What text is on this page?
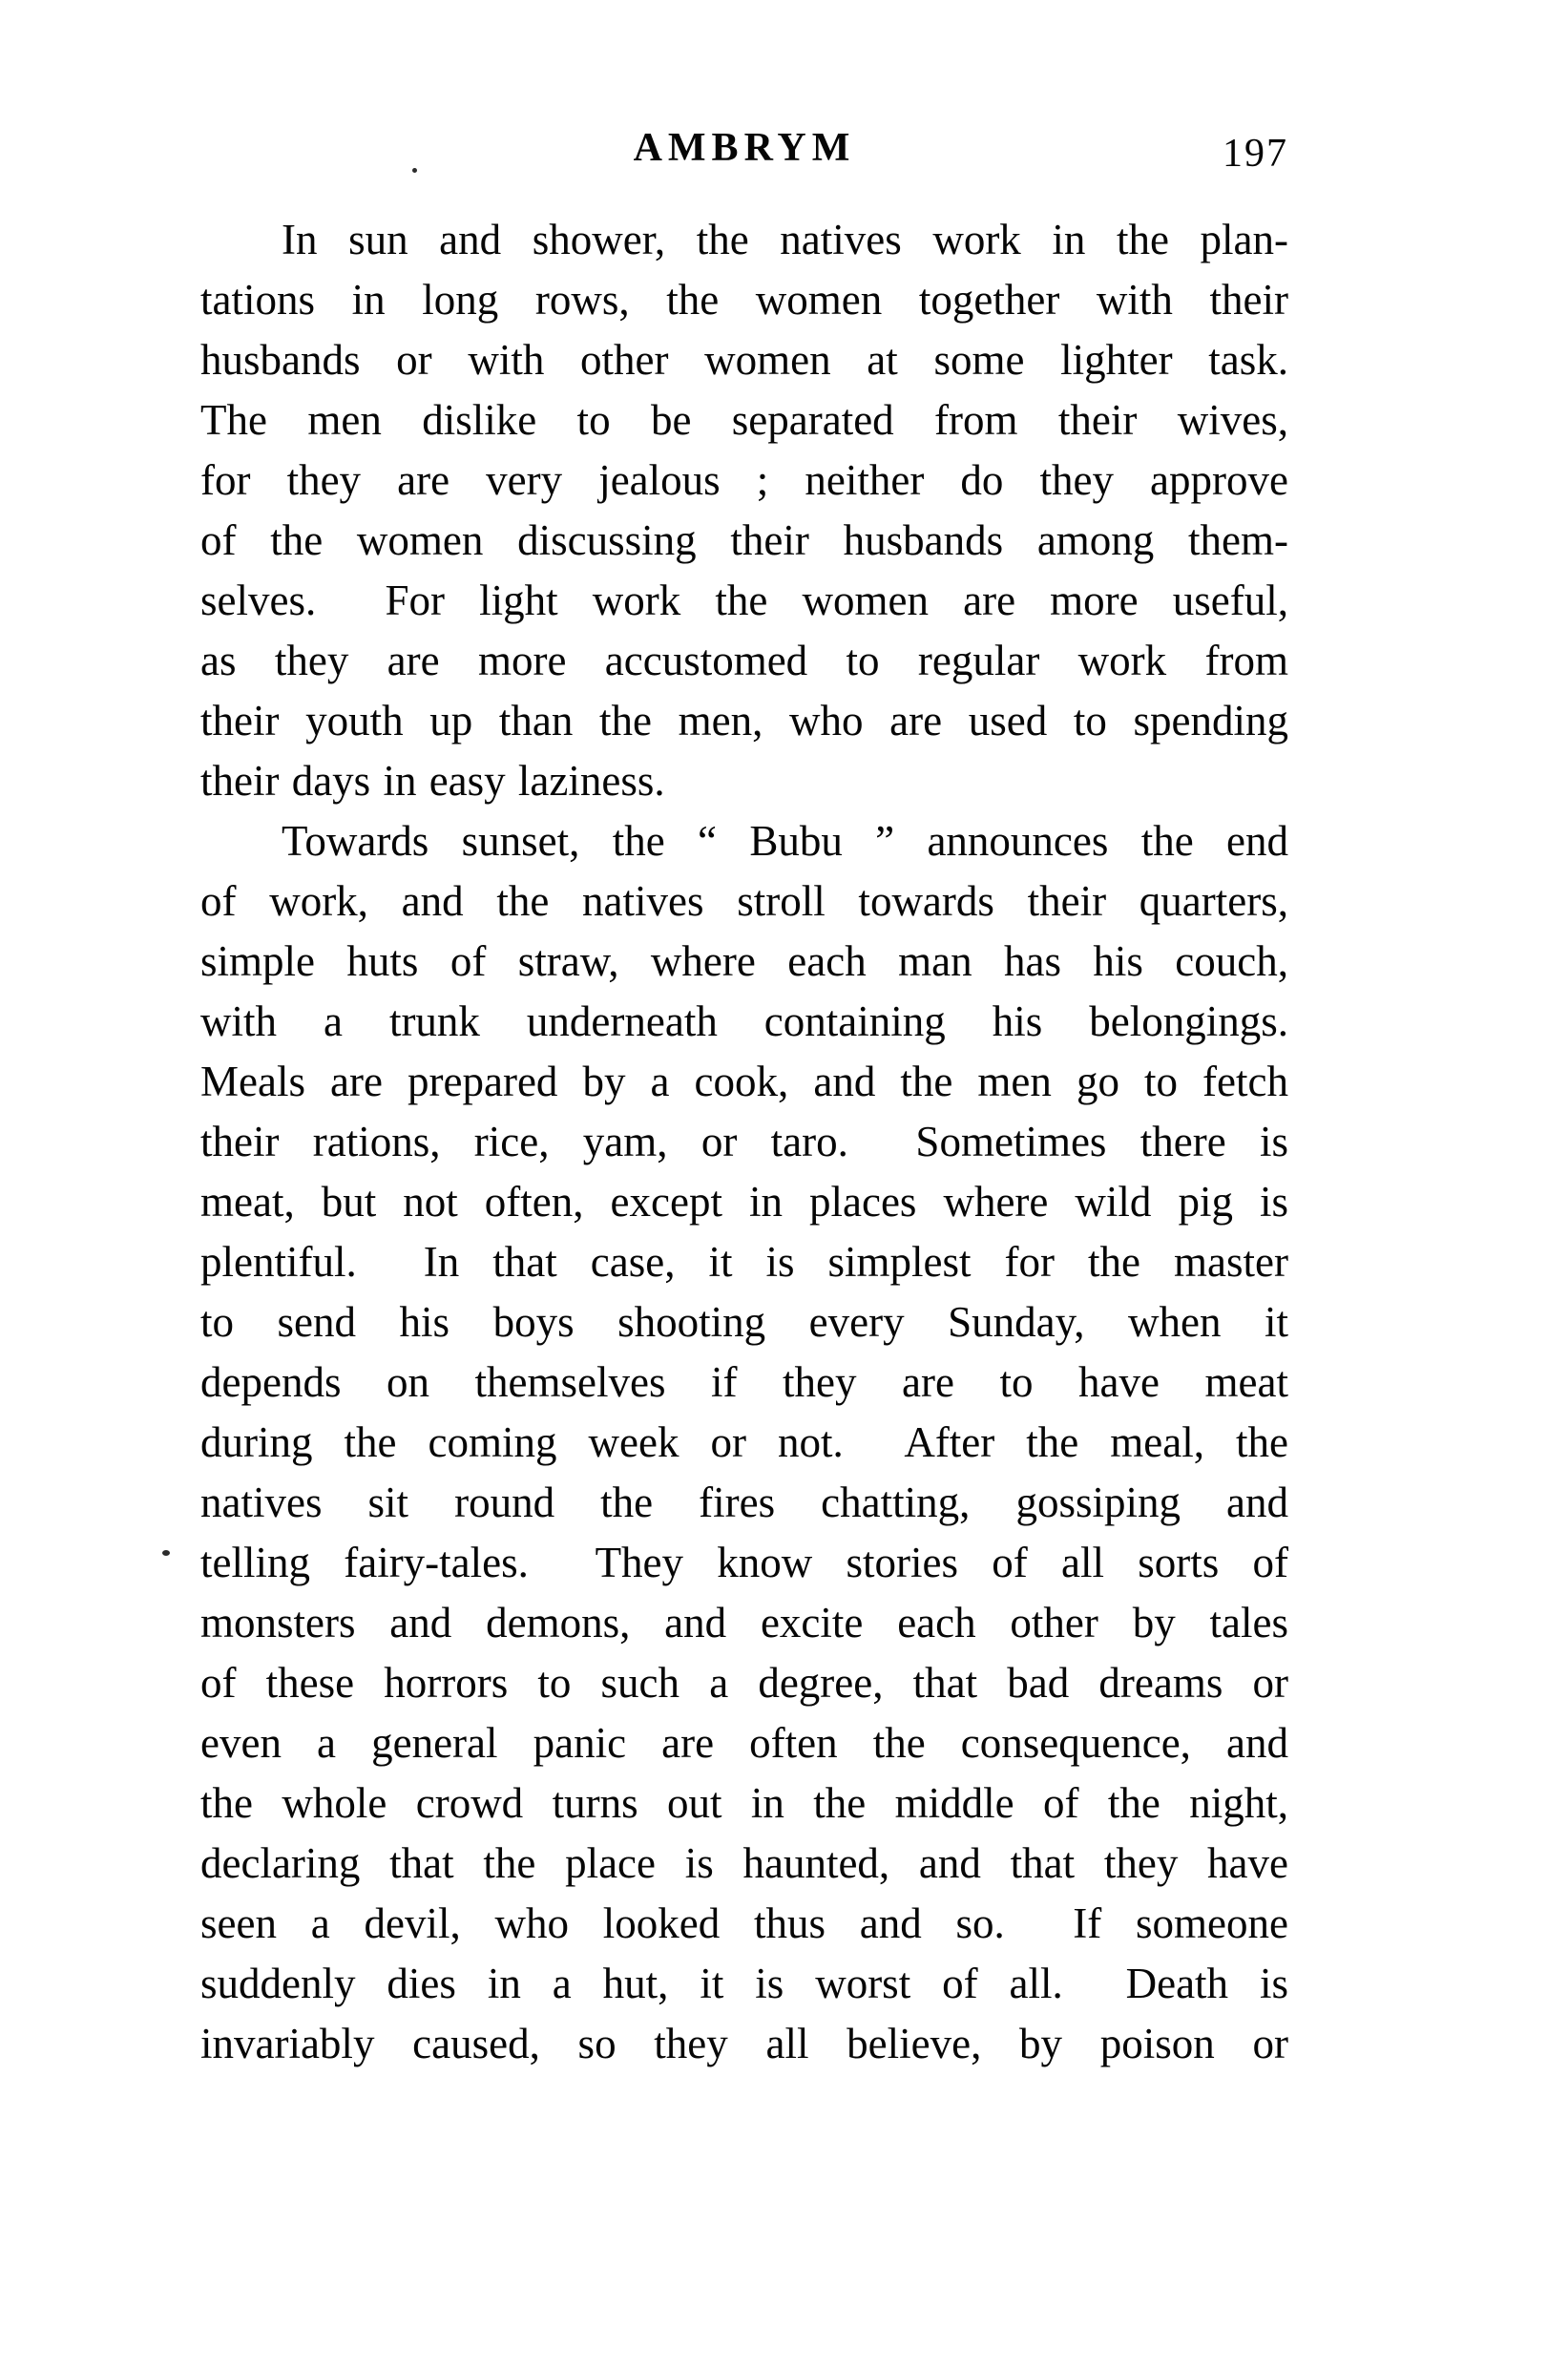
AMBRYM	197
In sun and shower, the natives work in the plan-
tations in long rows, the women together with their
husbands or with other women at some lighter task.
The men dislike to be separated from their wives,
for they are very jealous ; neither do they approve
of the women discussing their husbands among them-
selves.  For light work the women are more useful,
as they are more accustomed to regular work from
their youth up than the men, who are used to spending
their days in easy laziness.
Towards sunset, the “ Bubu ” announces the end
of work, and the natives stroll towards their quarters,
simple huts of straw, where each man has his couch,
with a trunk underneath containing his belongings.
Meals are prepared by a cook, and the men go to fetch
their rations, rice, yam, or taro.  Sometimes there is
meat, but not often, except in places where wild pig is
plentiful.  In that case, it is simplest for the master
to send his boys shooting every Sunday, when it
depends on themselves if they are to have meat
during the coming week or not.  After the meal, the
natives sit round the fires chatting, gossiping and
telling fairy-tales.  They know stories of all sorts of
monsters and demons, and excite each other by tales
of these horrors to such a degree, that bad dreams or
even a general panic are often the consequence, and
the whole crowd turns out in the middle of the night,
declaring that the place is haunted, and that they have
seen a devil, who looked thus and so.  If someone
suddenly dies in a hut, it is worst of all.  Death is
invariably caused, so they all believe, by poison or
